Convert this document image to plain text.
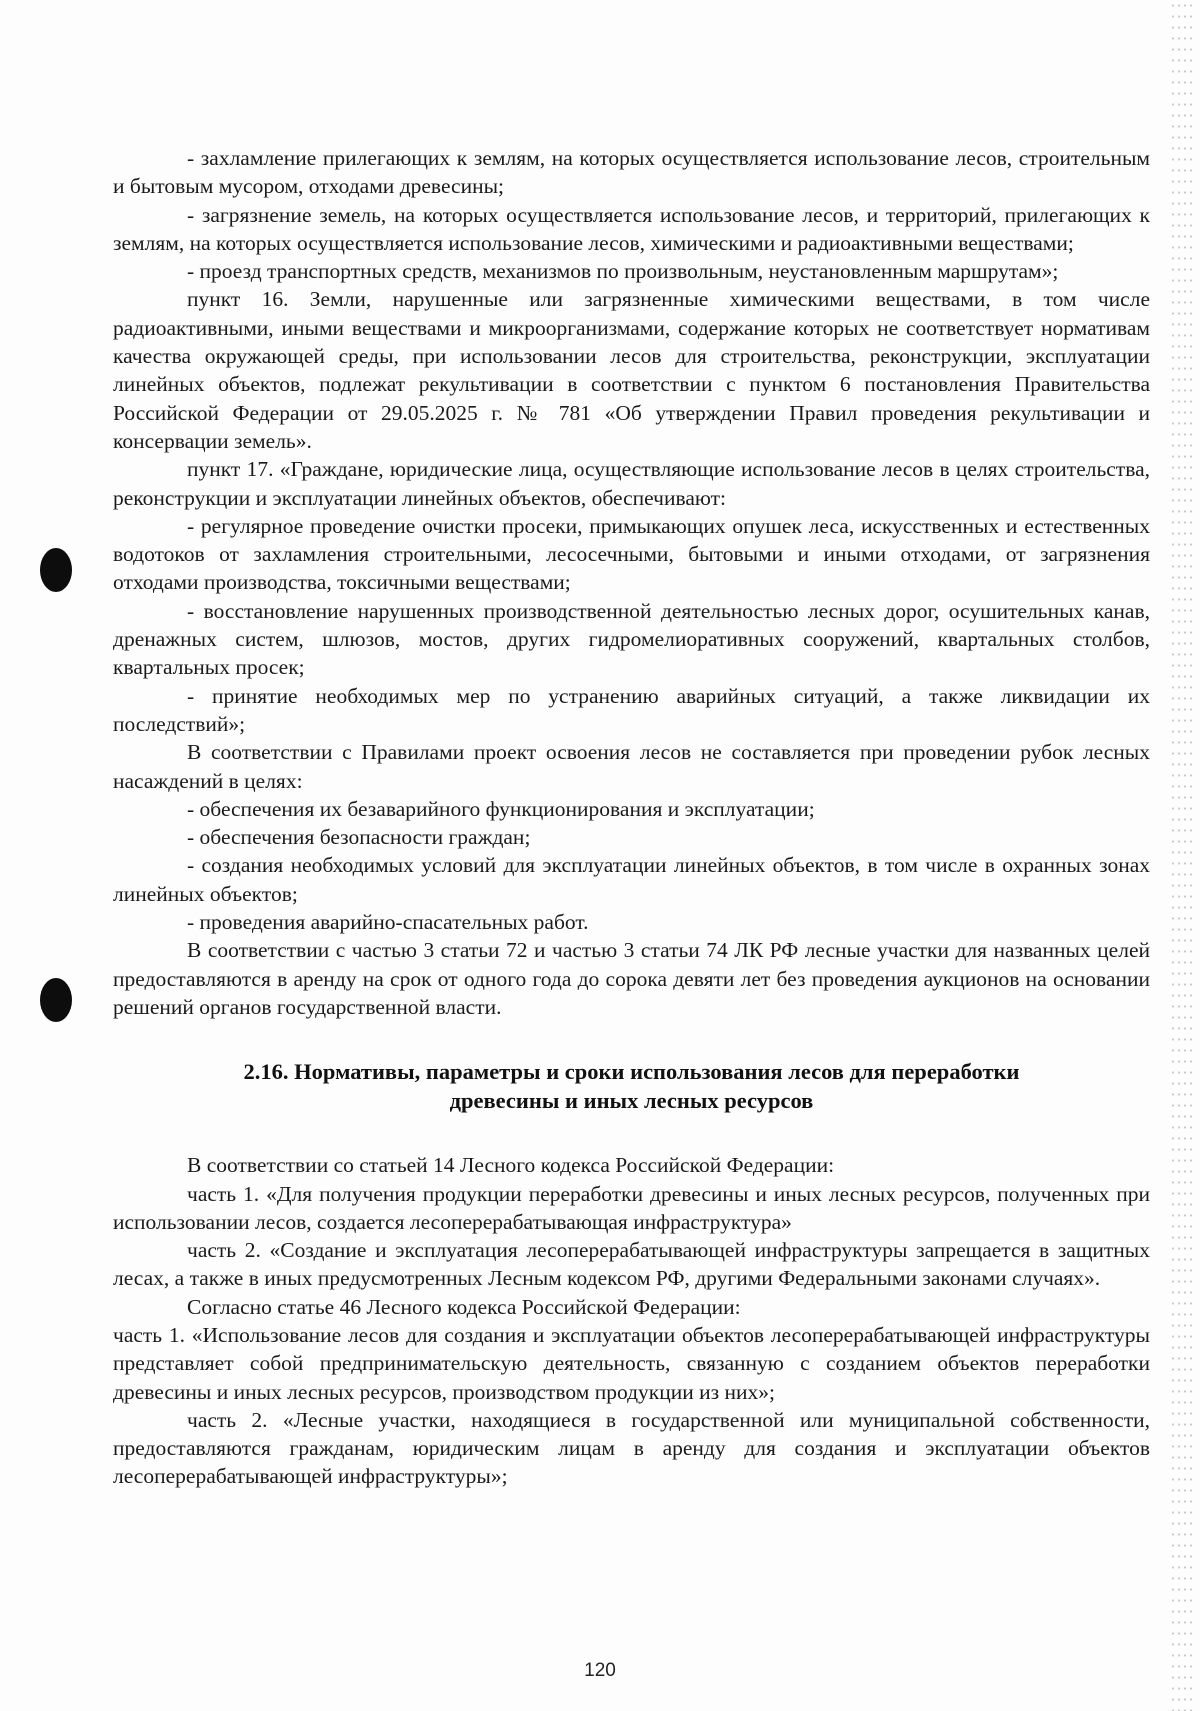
- захламление прилегающих к землям, на которых осуществляется использование лесов, строительным и бытовым мусором, отходами древесины;

- загрязнение земель, на которых осуществляется использование лесов, и территорий, прилегающих к землям, на которых осуществляется использование лесов, химическими и радиоактивными веществами;

- проезд транспортных средств, механизмов по произвольным, неустановленным маршрутам»;

пункт 16. Земли, нарушенные или загрязненные химическими веществами, в том числе радиоактивными, иными веществами и микроорганизмами, содержание которых не соответствует нормативам качества окружающей среды, при использовании лесов для строительства, реконструкции, эксплуатации линейных объектов, подлежат рекультивации в соответствии с пунктом 6 постановления Правительства Российской Федерации от 29.05.2025 г. № 781 «Об утверждении Правил проведения рекультивации и консервации земель».

пункт 17. «Граждане, юридические лица, осуществляющие использование лесов в целях строительства, реконструкции и эксплуатации линейных объектов, обеспечивают:

- регулярное проведение очистки просеки, примыкающих опушек леса, искусственных и естественных водотоков от захламления строительными, лесосечными, бытовыми и иными отходами, от загрязнения отходами производства, токсичными веществами;

- восстановление нарушенных производственной деятельностью лесных дорог, осушительных канав, дренажных систем, шлюзов, мостов, других гидромелиоративных сооружений, квартальных столбов, квартальных просек;

- принятие необходимых мер по устранению аварийных ситуаций, а также ликвидации их последствий»;

В соответствии с Правилами проект освоения лесов не составляется при проведении рубок лесных насаждений в целях:

- обеспечения их безаварийного функционирования и эксплуатации;

- обеспечения безопасности граждан;

- создания необходимых условий для эксплуатации линейных объектов, в том числе в охранных зонах линейных объектов;

- проведения аварийно-спасательных работ.

В соответствии с частью 3 статьи 72 и частью 3 статьи 74 ЛК РФ лесные участки для названных целей предоставляются в аренду на срок от одного года до сорока девяти лет без проведения аукционов на основании решений органов государственной власти.

2.16. Нормативы, параметры и сроки использования лесов для переработки
древесины и иных лесных ресурсов

В соответствии со статьей 14 Лесного кодекса Российской Федерации:

часть 1. «Для получения продукции переработки древесины и иных лесных ресурсов, полученных при использовании лесов, создается лесоперерабатывающая инфраструктура»

часть 2. «Создание и эксплуатация лесоперерабатывающей инфраструктуры запрещается в защитных лесах, а также в иных предусмотренных Лесным кодексом РФ, другими Федеральными законами случаях».

Согласно статье 46 Лесного кодекса Российской Федерации:

часть 1. «Использование лесов для создания и эксплуатации объектов лесоперерабатывающей инфраструктуры представляет собой предпринимательскую деятельность, связанную с созданием объектов переработки древесины и иных лесных ресурсов, производством продукции из них»;

часть 2. «Лесные участки, находящиеся в государственной или муниципальной собственности, предоставляются гражданам, юридическим лицам в аренду для создания и эксплуатации объектов лесоперерабатывающей инфраструктуры»;

120
